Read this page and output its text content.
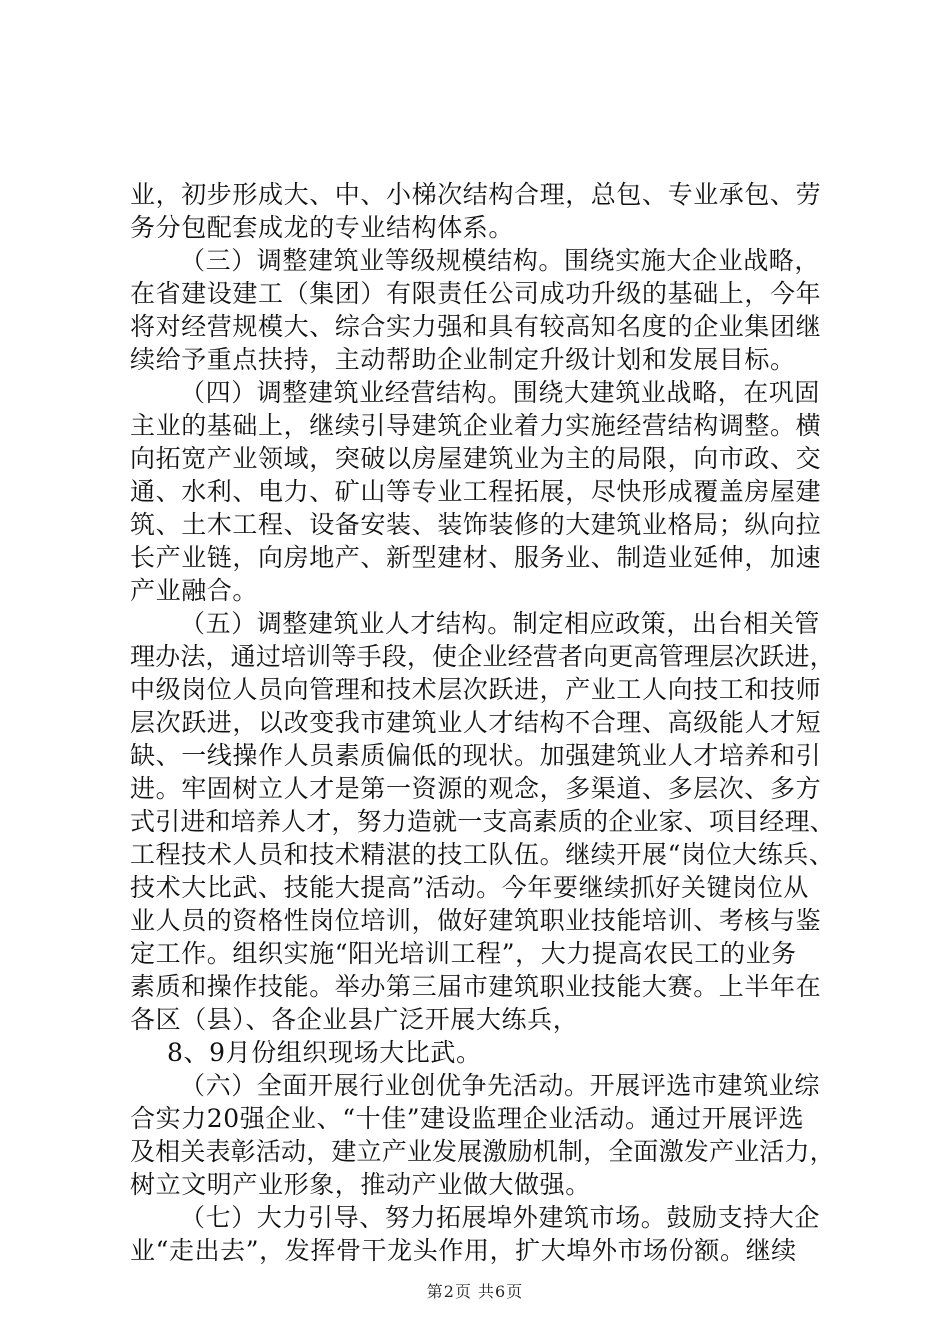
业，初步形成大、中、小梯次结构合理，总包、专业承包、劳
务分包配套成龙的专业结构体系。
（三）调整建筑业等级规模结构。围绕实施大企业战略，
在省建设建工（集团）有限责任公司成功升级的基础上，今年
将对经营规模大、综合实力强和具有较高知名度的企业集团继
续给予重点扶持，主动帮助企业制定升级计划和发展目标。
（四）调整建筑业经营结构。围绕大建筑业战略，在巩固
主业的基础上，继续引导建筑企业着力实施经营结构调整。横
向拓宽产业领域，突破以房屋建筑业为主的局限，向市政、交
通、水利、电力、矿山等专业工程拓展，尽快形成覆盖房屋建
筑、土木工程、设备安装、装饰装修的大建筑业格局；纵向拉
长产业链，向房地产、新型建材、服务业、制造业延伸，加速
产业融合。
（五）调整建筑业人才结构。制定相应政策，出台相关管
理办法，通过培训等手段，使企业经营者向更高管理层次跃进，
中级岗位人员向管理和技术层次跃进，产业工人向技工和技师
层次跃进，以改变我市建筑业人才结构不合理、高级能人才短
缺、一线操作人员素质偏低的现状。加强建筑业人才培养和引
进。牢固树立人才是第一资源的观念，多渠道、多层次、多方
式引进和培养人才，努力造就一支高素质的企业家、项目经理、
工程技术人员和技术精湛的技工队伍。继续开展“岗位大练兵、
技术大比武、技能大提高”活动。今年要继续抓好关键岗位从
业人员的资格性岗位培训，做好建筑职业技能培训、考核与鉴
定工作。组织实施“阳光培训工程”，大力提高农民工的业务
素质和操作技能。举办第三届市建筑职业技能大赛。上半年在
各区（县）、各企业县广泛开展大练兵，
8、9月份组织现场大比武。
（六）全面开展行业创优争先活动。开展评选市建筑业综
合实力20强企业、“十佳”建设监理企业活动。通过开展评选
及相关表彰活动，建立产业发展激励机制，全面激发产业活力，
树立文明产业形象，推动产业做大做强。
（七）大力引导、努力拓展埠外建筑市场。鼓励支持大企
业“走出去”，发挥骨干龙头作用，扩大埠外市场份额。继续
第2页 共6页
